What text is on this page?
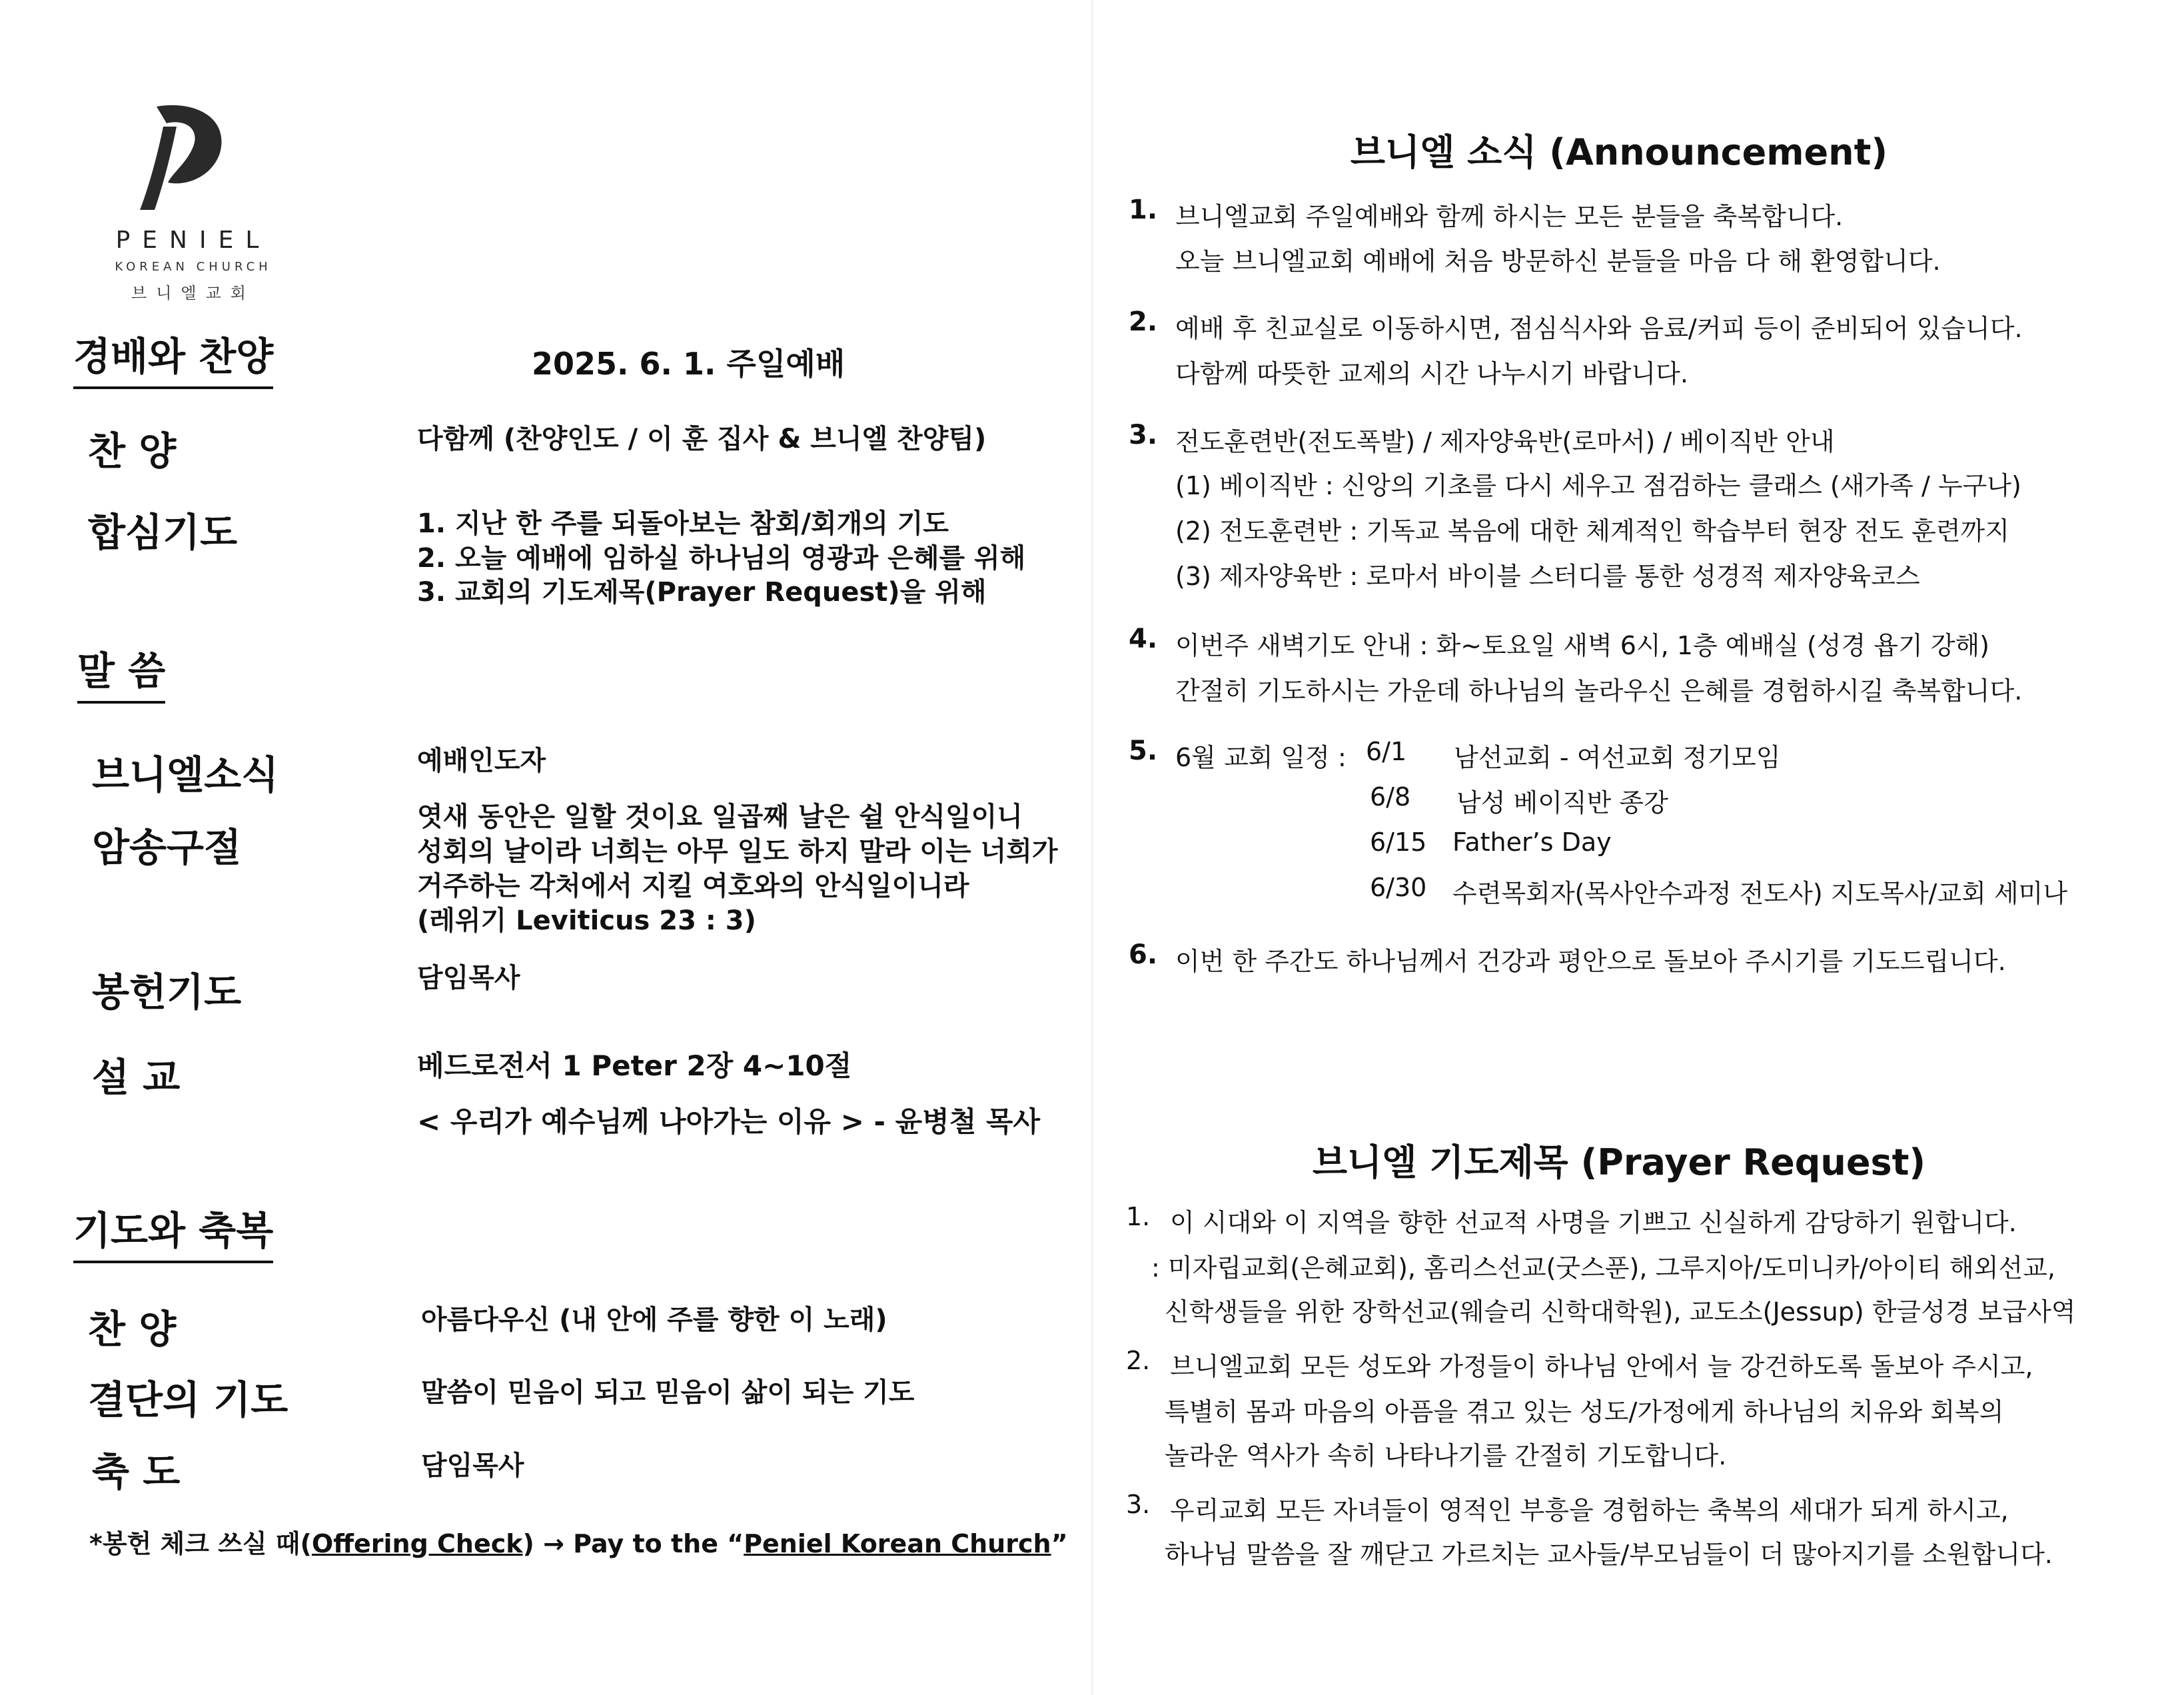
PENIEL
KOREAN CHURCH
브니엘교회
경배와 찬양	2025. 6. 1. 주일예배
찬 양	다함께 (찬양인도 / 이 훈 집사 & 브니엘 찬양팀)
합심기도	1. 지난 한 주를 되돌아보는 참회/회개의 기도
2. 오늘 예배에 임하실 하나님의 영광과 은혜를 위해
3. 교회의 기도제목(Prayer Request)을 위해
말 씀
브니엘소식	예배인도자
암송구절
엿새 동안은 일할 것이요 일곱째 날은 쉴 안식일이니
성회의 날이라 너희는 아무 일도 하지 말라 이는 너희가
거주하는 각처에서 지킬 여호와의 안식일이니라
(레위기 Leviticus 23 : 3)
봉헌기도	담임목사
설 교	베드로전서 1 Peter 2장 4~10절
< 우리가 예수님께 나아가는 이유 > - 윤병철 목사
기도와 축복
찬 양	아름다우신 (내 안에 주를 향한 이 노래)
결단의 기도	말씀이 믿음이 되고 믿음이 삶이 되는 기도
축 도	담임목사
*봉헌 체크 쓰실 때(Offering Check) → Pay to the “Peniel Korean Church”
브니엘 소식 (Announcement)
1. 브니엘교회 주일예배와 함께 하시는 모든 분들을 축복합니다.
오늘 브니엘교회 예배에 처음 방문하신 분들을 마음 다 해 환영합니다.
2. 예배 후 친교실로 이동하시면, 점심식사와 음료/커피 등이 준비되어 있습니다.
다함께 따뜻한 교제의 시간 나누시기 바랍니다.
3. 전도훈련반(전도폭발) / 제자양육반(로마서) / 베이직반 안내
(1) 베이직반 : 신앙의 기초를 다시 세우고 점검하는 클래스 (새가족 / 누구나)
(2) 전도훈련반 : 기독교 복음에 대한 체계적인 학습부터 현장 전도 훈련까지
(3) 제자양육반 : 로마서 바이블 스터디를 통한 성경적 제자양육코스
4. 이번주 새벽기도 안내 : 화~토요일 새벽 6시, 1층 예배실 (성경 욥기 강해)
간절히 기도하시는 가운데 하나님의 놀라우신 은혜를 경험하시길 축복합니다.
5. 6월 교회 일정 : 6/1 남선교회 - 여선교회 정기모임
6/8 남성 베이직반 종강
6/15 Father’s Day
6/30 수련목회자(목사안수과정 전도사) 지도목사/교회 세미나
6. 이번 한 주간도 하나님께서 건강과 평안으로 돌보아 주시기를 기도드립니다.
브니엘 기도제목 (Prayer Request)
1. 이 시대와 이 지역을 향한 선교적 사명을 기쁘고 신실하게 감당하기 원합니다.
: 미자립교회(은혜교회), 홈리스선교(굿스푼), 그루지아/도미니카/아이티 해외선교,
신학생들을 위한 장학선교(웨슬리 신학대학원), 교도소(Jessup) 한글성경 보급사역
2. 브니엘교회 모든 성도와 가정들이 하나님 안에서 늘 강건하도록 돌보아 주시고,
특별히 몸과 마음의 아픔을 겪고 있는 성도/가정에게 하나님의 치유와 회복의
놀라운 역사가 속히 나타나기를 간절히 기도합니다.
3. 우리교회 모든 자녀들이 영적인 부흥을 경험하는 축복의 세대가 되게 하시고,
하나님 말씀을 잘 깨닫고 가르치는 교사들/부모님들이 더 많아지기를 소원합니다.
